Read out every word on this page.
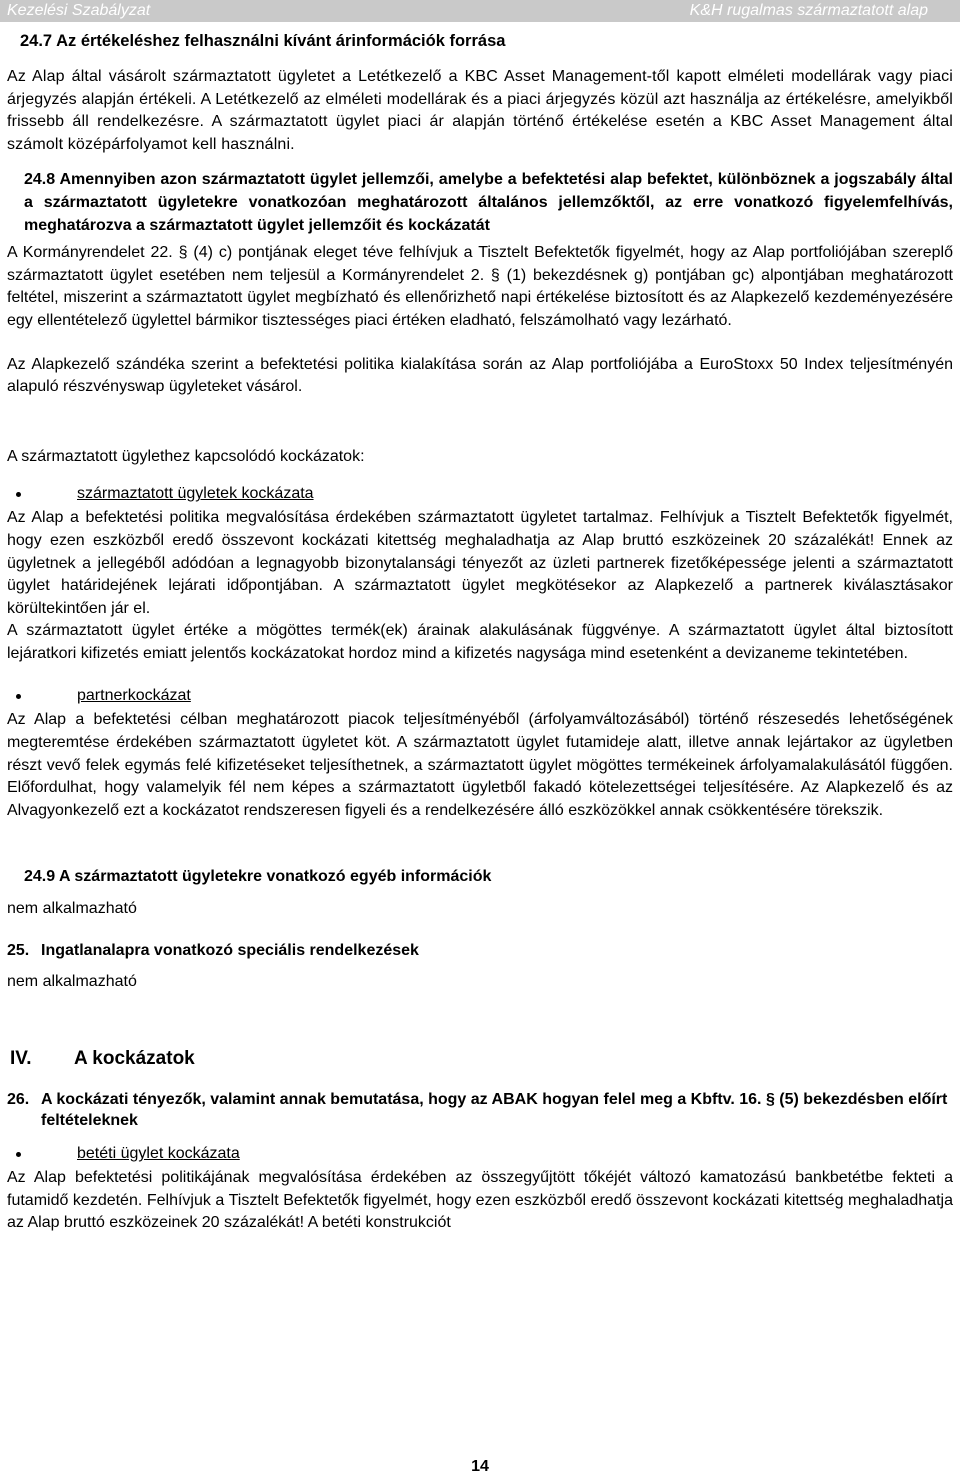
Kezelési Szabályzat	K&H rugalmas származtatott alap

24.7 Az értékeléshez felhasználni kívánt árinformációk forrása

Az Alap által vásárolt származtatott ügyletet a Letétkezelő a KBC Asset Management-től kapott elméleti modellárak vagy piaci árjegyzés alapján értékeli. A Letétkezelő az elméleti modellárak és a piaci árjegyzés közül azt használja az értékelésre, amelyikből frissebb áll rendelkezésre. A származtatott ügylet piaci ár alapján történő értékelése esetén a KBC Asset Management által számolt középárfolyamot kell használni.

24.8 Amennyiben azon származtatott ügylet jellemzői, amelybe a befektetési alap befektet, különböznek a jogszabály által a származtatott ügyletekre vonatkozóan meghatározott általános jellemzőktől, az erre vonatkozó figyelemfelhívás, meghatározva a származtatott ügylet jellemzőit és kockázatát

A Kormányrendelet 22. § (4) c) pontjának eleget téve felhívjuk a Tisztelt Befektetők figyelmét, hogy az Alap portfoliójában szereplő származtatott ügylet esetében nem teljesül a Kormányrendelet 2. § (1) bekezdésnek g) pontjában gc) alpontjában meghatározott feltétel, miszerint a származtatott ügylet megbízható és ellenőrizhető napi értékelése biztosított és az Alapkezelő kezdeményezésére egy ellentételező ügylettel bármikor tisztességes piaci értéken eladható, felszámolható vagy lezárható.

Az Alapkezelő szándéka szerint a befektetési politika kialakítása során az Alap portfoliójába a EuroStoxx 50 Index teljesítményén alapuló részvényswap ügyleteket vásárol.

A származtatott ügylethez kapcsolódó kockázatok:

származtatott ügyletek kockázata

Az Alap a befektetési politika megvalósítása érdekében származtatott ügyletet tartalmaz. Felhívjuk a Tisztelt Befektetők figyelmét, hogy ezen eszközből eredő összevont kockázati kitettség meghaladhatja az Alap bruttó eszközeinek 20 százalékát! Ennek az ügyletnek a jellegéből adódóan a legnagyobb bizonytalansági tényezőt az üzleti partnerek fizetőképessége jelenti a származtatott ügylet határidejének lejárati időpontjában. A származtatott ügylet megkötésekor az Alapkezelő a partnerek kiválasztásakor körültekintően jár el.

A származtatott ügylet értéke a mögöttes termék(ek) árainak alakulásának függvénye. A származtatott ügylet által biztosított lejáratkori kifizetés emiatt jelentős kockázatokat hordoz mind a kifizetés nagysága mind esetenként a devizaneme tekintetében.

partnerkockázat

Az Alap a befektetési célban meghatározott piacok teljesítményéből (árfolyamváltozásából) történő részesedés lehetőségének megteremtése érdekében származtatott ügyletet köt. A származtatott ügylet futamideje alatt, illetve annak lejártakor az ügyletben részt vevő felek egymás felé kifizetéseket teljesíthetnek, a származtatott ügylet mögöttes termékeinek árfolyamalakulásától függően. Előfordulhat, hogy valamelyik fél nem képes a származtatott ügyletből fakadó kötelezettségei teljesítésére. Az Alapkezelő és az Alvagyonkezelő ezt a kockázatot rendszeresen figyeli és a rendelkezésére álló eszközökkel annak csökkentésére törekszik.

24.9 A származtatott ügyletekre vonatkozó egyéb információk

nem alkalmazható

25. Ingatlanalapra vonatkozó speciális rendelkezések

nem alkalmazható

IV. A kockázatok
26. A kockázati tényezők, valamint annak bemutatása, hogy az ABAK hogyan felel meg a Kbftv. 16. § (5) bekezdésben előírt feltételeknek
betéti ügylet kockázata

Az Alap befektetési politikájának megvalósítása érdekében az összegyűjtött tőkéjét változó kamatozású bankbetétbe fekteti a futamidő kezdetén. Felhívjuk a Tisztelt Befektetők figyelmét, hogy ezen eszközből eredő összevont kockázati kitettség meghaladhatja az Alap bruttó eszközeinek 20 százalékát! A betéti konstrukciót

14
